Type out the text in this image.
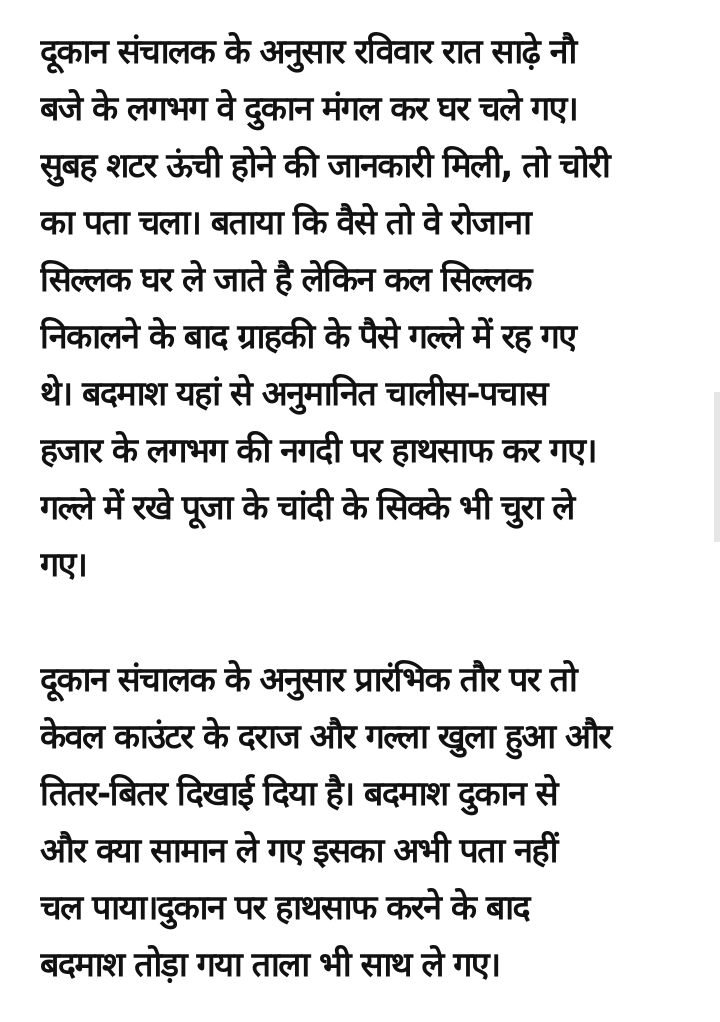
दूकान संचालक के अनुसार रविवार रात साढ़े नौ
बजे के लगभग वे दुकान मंगल कर घर चले गए।
सुबह शटर ऊंची होने की जानकारी मिली, तो चोरी
का पता चला। बताया कि वैसे तो वे रोजाना
सिल्लक घर ले जाते है लेकिन कल सिल्लक
निकालने के बाद ग्राहकी के पैसे गल्ले में रह गए
थे। बदमाश यहां से अनुमानित चालीस-पचास
हजार के लगभग की नगदी पर हाथसाफ कर गए।
गल्ले में रखे पूजा के चांदी के सिक्के भी चुरा ले
गए।
दूकान संचालक के अनुसार प्रारंभिक तौर पर तो
केवल काउंटर के दराज और गल्ला खुला हुआ और
तितर-बितर दिखाई दिया है। बदमाश दुकान से
और क्या सामान ले गए इसका अभी पता नहीं
चल पाया।दुकान पर हाथसाफ करने के बाद
बदमाश तोड़ा गया ताला भी साथ ले गए।
